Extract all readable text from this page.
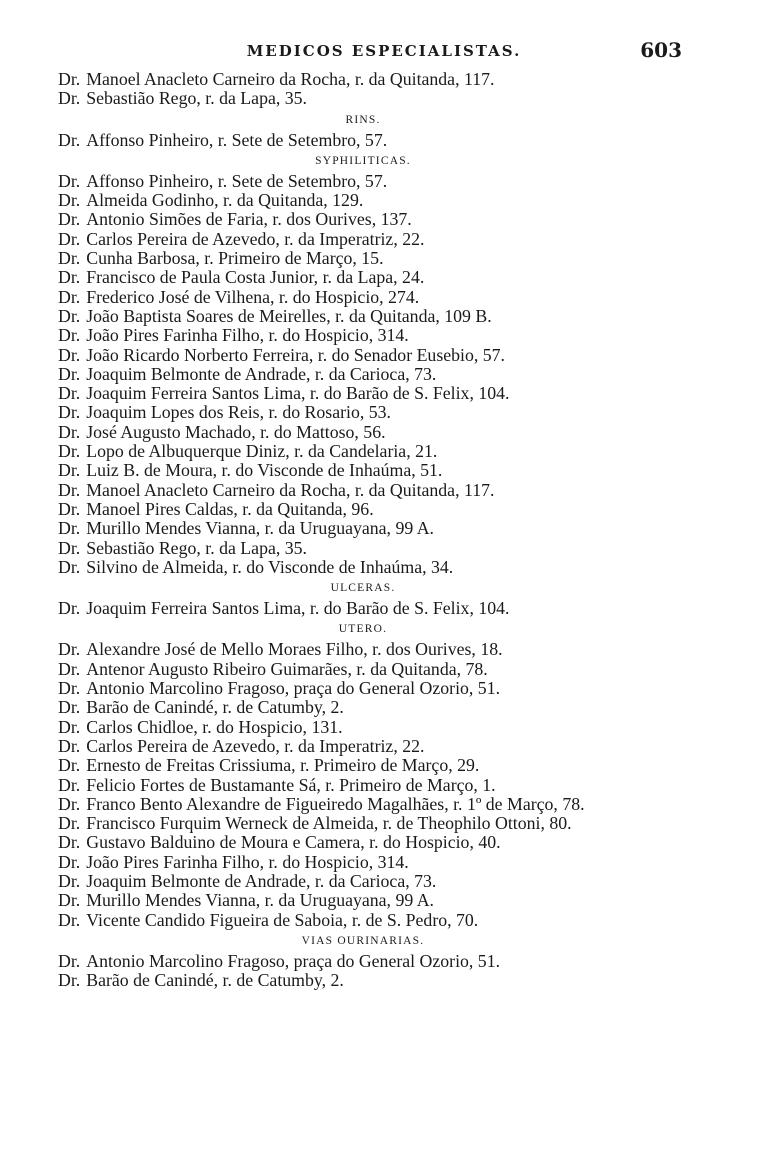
MEDICOS ESPECIALISTAS.	603
Dr. Manoel Anacleto Carneiro da Rocha, r. da Quitanda, 117.
Dr. Sebastião Rego, r. da Lapa, 35.
RINS.
Dr. Affonso Pinheiro, r. Sete de Setembro, 57.
SYPHILITICAS.
Dr. Affonso Pinheiro, r. Sete de Setembro, 57.
Dr. Almeida Godinho, r. da Quitanda, 129.
Dr. Antonio Simões de Faria, r. dos Ourives, 137.
Dr. Carlos Pereira de Azevedo, r. da Imperatriz, 22.
Dr. Cunha Barbosa, r. Primeiro de Março, 15.
Dr. Francisco de Paula Costa Junior, r. da Lapa, 24.
Dr. Frederico José de Vilhena, r. do Hospicio, 274.
Dr. João Baptista Soares de Meirelles, r. da Quitanda, 109 B.
Dr. João Pires Farinha Filho, r. do Hospicio, 314.
Dr. João Ricardo Norberto Ferreira, r. do Senador Eusebio, 57.
Dr. Joaquim Belmonte de Andrade, r. da Carioca, 73.
Dr. Joaquim Ferreira Santos Lima, r. do Barão de S. Felix, 104.
Dr. Joaquim Lopes dos Reis, r. do Rosario, 53.
Dr. José Augusto Machado, r. do Mattoso, 56.
Dr. Lopo de Albuquerque Diniz, r. da Candelaria, 21.
Dr. Luiz B. de Moura, r. do Visconde de Inhaúma, 51.
Dr. Manoel Anacleto Carneiro da Rocha, r. da Quitanda, 117.
Dr. Manoel Pires Caldas, r. da Quitanda, 96.
Dr. Murillo Mendes Vianna, r. da Uruguayana, 99 A.
Dr. Sebastião Rego, r. da Lapa, 35.
Dr. Silvino de Almeida, r. do Visconde de Inhaúma, 34.
ULCERAS.
Dr. Joaquim Ferreira Santos Lima, r. do Barão de S. Felix, 104.
UTERO.
Dr. Alexandre José de Mello Moraes Filho, r. dos Ourives, 18.
Dr. Antenor Augusto Ribeiro Guimarães, r. da Quitanda, 78.
Dr. Antonio Marcolino Fragoso, praça do General Ozorio, 51.
Dr. Barão de Canindé, r. de Catumby, 2.
Dr. Carlos Chidloe, r. do Hospicio, 131.
Dr. Carlos Pereira de Azevedo, r. da Imperatriz, 22.
Dr. Ernesto de Freitas Crissiuma, r. Primeiro de Março, 29.
Dr. Felicio Fortes de Bustamante Sá, r. Primeiro de Março, 1.
Dr. Franco Bento Alexandre de Figueiredo Magalhães, r. 1º de Março, 78.
Dr. Francisco Furquim Werneck de Almeida, r. de Theophilo Ottoni, 80.
Dr. Gustavo Balduino de Moura e Camera, r. do Hospicio, 40.
Dr. João Pires Farinha Filho, r. do Hospicio, 314.
Dr. Joaquim Belmonte de Andrade, r. da Carioca, 73.
Dr. Murillo Mendes Vianna, r. da Uruguayana, 99 A.
Dr. Vicente Candido Figueira de Saboia, r. de S. Pedro, 70.
VIAS OURINARIAS.
Dr. Antonio Marcolino Fragoso, praça do General Ozorio, 51.
Dr. Barão de Canindé, r. de Catumby, 2.
